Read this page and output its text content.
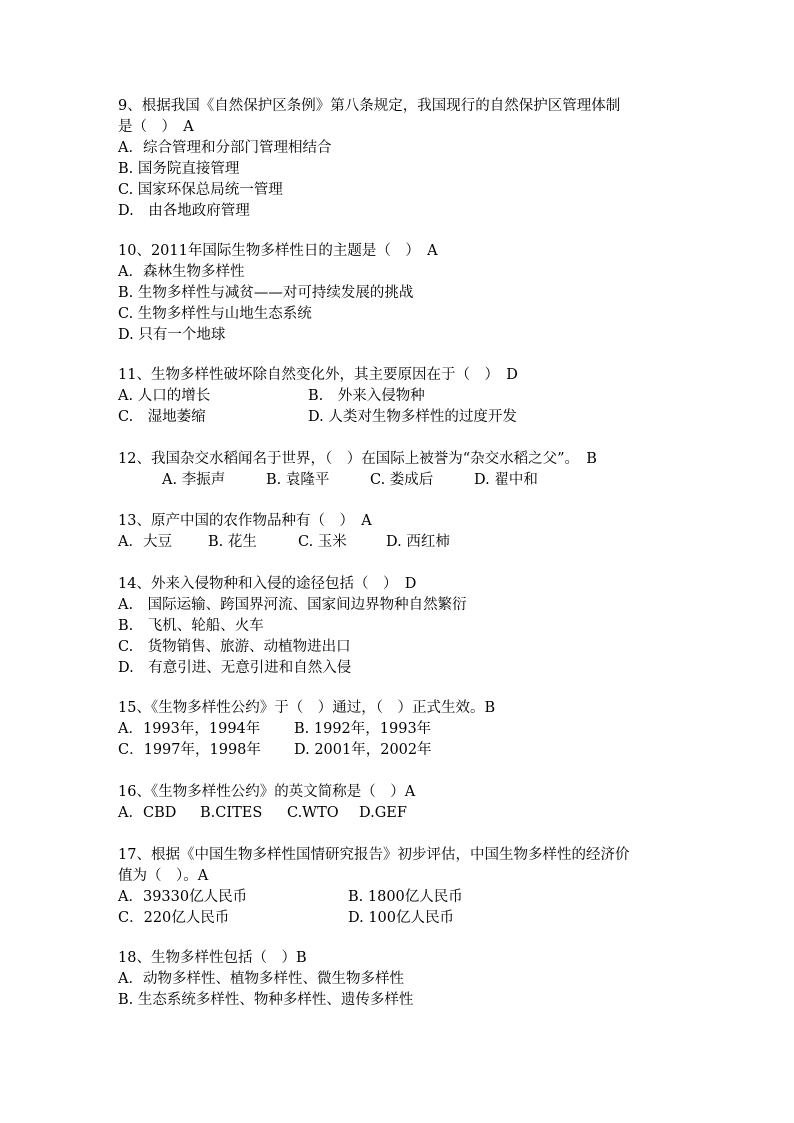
9、根据我国《自然保护区条例》第八条规定，我国现行的自然保护区管理体制
是（　）　A
A．综合管理和分部门管理相结合
B. 国务院直接管理
C. 国家环保总局统一管理
D.　由各地政府管理
10、2011年国际生物多样性日的主题是（　）　A
A．森林生物多样性
B. 生物多样性与减贫——对可持续发展的挑战
C. 生物多样性与山地生态系统
D. 只有一个地球
11、生物多样性破坏除自然变化外，其主要原因在于（　）　D
A. 人口的增长	B.　外来入侵物种
C.　湿地萎缩	D. 人类对生物多样性的过度开发
12、我国杂交水稻闻名于世界，（　）在国际上被誉为“杂交水稻之父”。　B
A. 李振声	B. 袁隆平	C. 娄成后	D. 翟中和
13、原产中国的农作物品种有（　）　A
A．大豆 B. 花生	C. 玉米	D. 西红柿
14、外来入侵物种和入侵的途径包括（　）　D
A.　国际运输、跨国界河流、国家间边界物种自然繁衍
B.　飞机、轮船、火车
C.　货物销售、旅游、动植物进出口
D.　有意引进、无意引进和自然入侵
15、《生物多样性公约》于（　）通过，（　）正式生效。B
A．1993年，1994年 B. 1992年，1993年
C．1997年，1998年 D. 2001年，2002年
16、《生物多样性公约》的英文简称是（　）A
A．CBD B.CITES C.WTO D.GEF
17、根据《中国生物多样性国情研究报告》初步评估，中国生物多样性的经济价
值为（　）。A
A．39330亿人民币	B. 1800亿人民币
C．220亿人民币	D. 100亿人民币
18、生物多样性包括（　）B
A．动物多样性、植物多样性、微生物多样性
B. 生态系统多样性、物种多样性、遗传多样性
